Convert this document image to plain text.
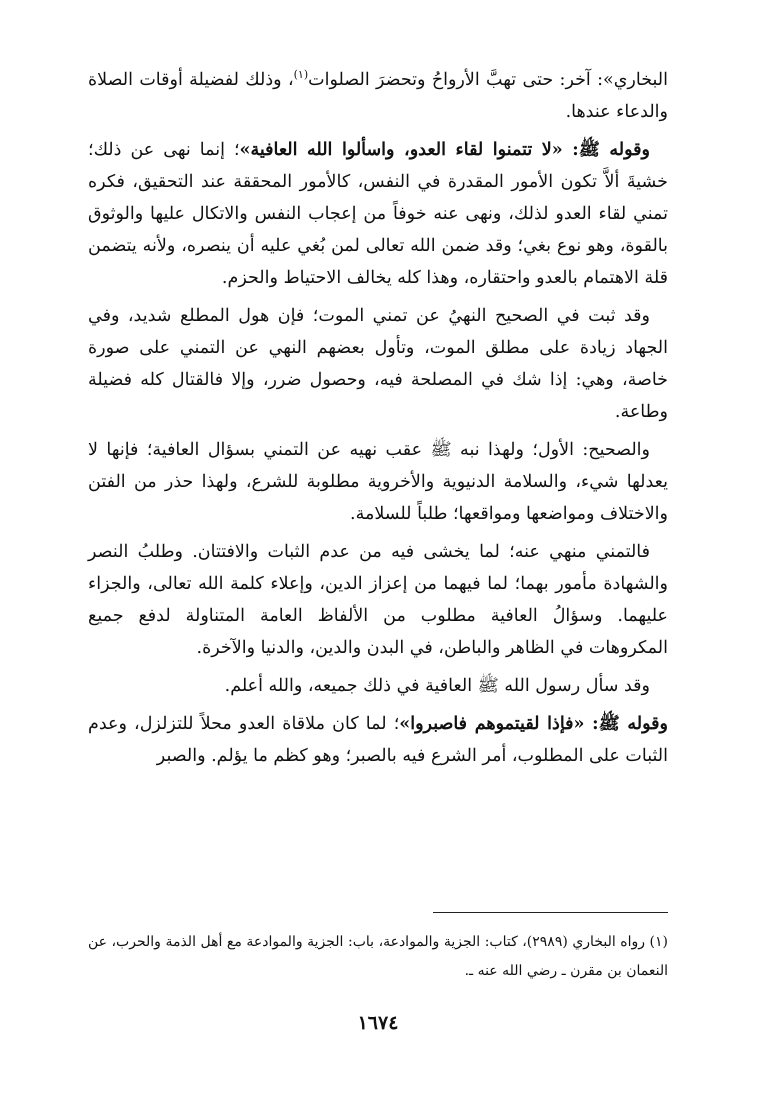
البخاري»: آخر: حتى تهبَّ الأرواحُ وتحضرَ الصلوات$^{(١)}$، وذلك لفضيلة أوقات الصلاة والدعاء عندها.

وقوله ﷺ: «لا تتمنوا لقاء العدو، واسألوا الله العافية»؛ إنما نهى عن ذلك؛ خشيةَ ألاَّ تكون الأمور المقدرة في النفس، كالأمور المحققة عند التحقيق، فكره تمني لقاء العدو لذلك، ونهى عنه خوفاً من إعجاب النفس والاتكال عليها والوثوق بالقوة، وهو نوع بغي؛ وقد ضمن الله تعالى لمن بُغي عليه أن ينصره، ولأنه يتضمن قلة الاهتمام بالعدو واحتقاره، وهذا كله يخالف الاحتياط والحزم.

وقد ثبت في الصحيح النهيُ عن تمني الموت؛ فإن هول المطلع شديد، وفي الجهاد زيادة على مطلق الموت، وتأول بعضهم النهي عن التمني على صورة خاصة، وهي: إذا شك في المصلحة فيه، وحصول ضرر، وإلا فالقتال كله فضيلة وطاعة.

والصحيح: الأول؛ ولهذا نبه ﷺ عقب نهيه عن التمني بسؤال العافية؛ فإنها لا يعدلها شيء، والسلامة الدنيوية والأخروية مطلوبة للشرع، ولهذا حذر من الفتن والاختلاف ومواضعها ومواقعها؛ طلباً للسلامة.

فالتمني منهي عنه؛ لما يخشى فيه من عدم الثبات والافتتان. وطلبُ النصر والشهادة مأمور بهما؛ لما فيهما من إعزاز الدين، وإعلاء كلمة الله تعالى، والجزاء عليهما. وسؤالُ العافية مطلوب من الألفاظ العامة المتناولة لدفع جميع المكروهات في الظاهر والباطن، في البدن والدين، والدنيا والآخرة.

وقد سأل رسول الله ﷺ العافية في ذلك جميعه، والله أعلم.

وقوله ﷺ: «فإذا لقيتموهم فاصبروا»؛ لما كان ملاقاة العدو محلاً للتزلزل، وعدم الثبات على المطلوب، أمر الشرع فيه بالصبر؛ وهو كظم ما يؤلم. والصبر

(١) رواه البخاري (٢٩٨٩)، كتاب: الجزية والموادعة، باب: الجزية والموادعة مع أهل الذمة والحرب، عن النعمان بن مقرن ـ رضي الله عنه ـ.

١٦٧٤
